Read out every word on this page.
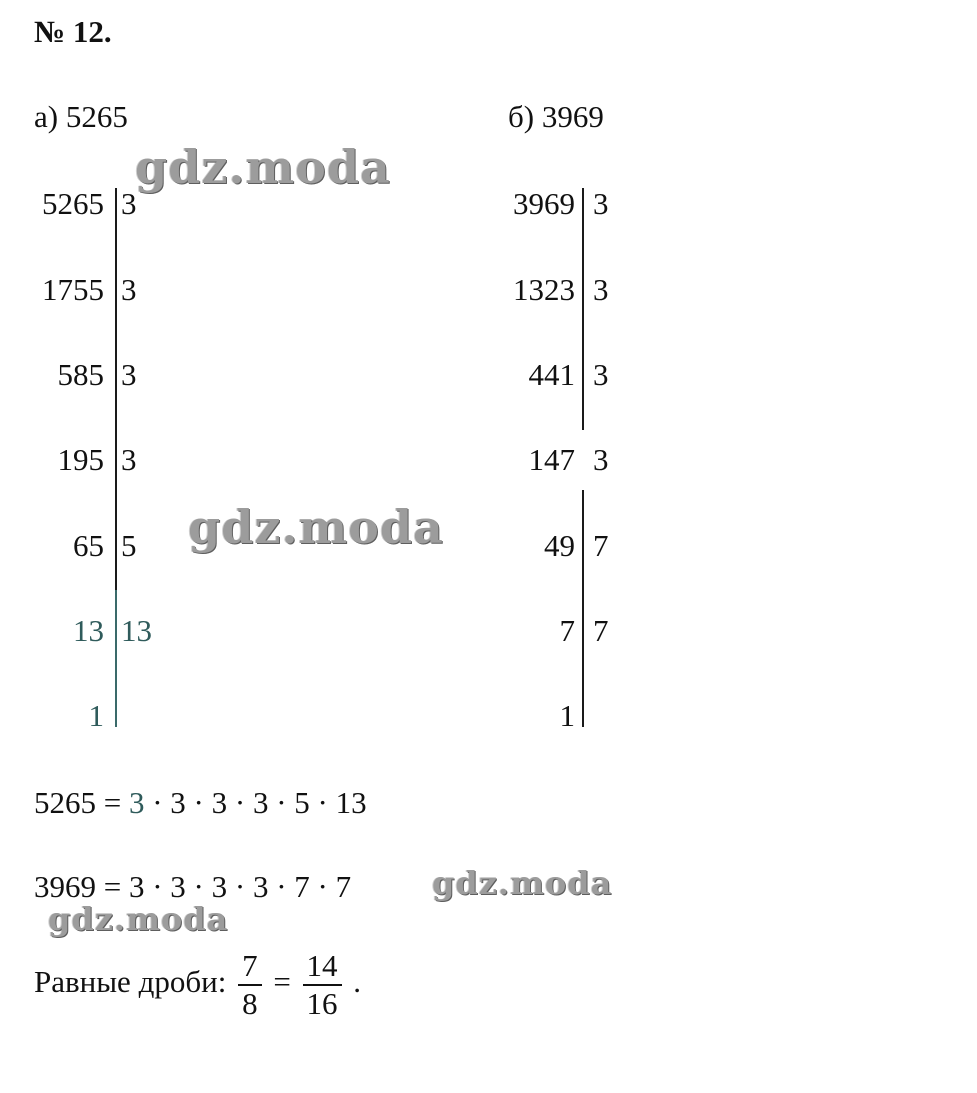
№ 12.
а) 5265	б) 3969
5265 3
1755 3
585 3
195 3
65 5
13 13
1
3969 3
1323 3
441 3
147 3
49 7
7 7
1
5265 = 3 · 3 · 3 · 3 · 5 · 13
3969 = 3 · 3 · 3 · 3 · 7 · 7
Равные дроби: $\frac{7}{8} = \frac{14}{16}$ .
gdz.moda
gdz.moda
gdz.moda
gdz.moda
